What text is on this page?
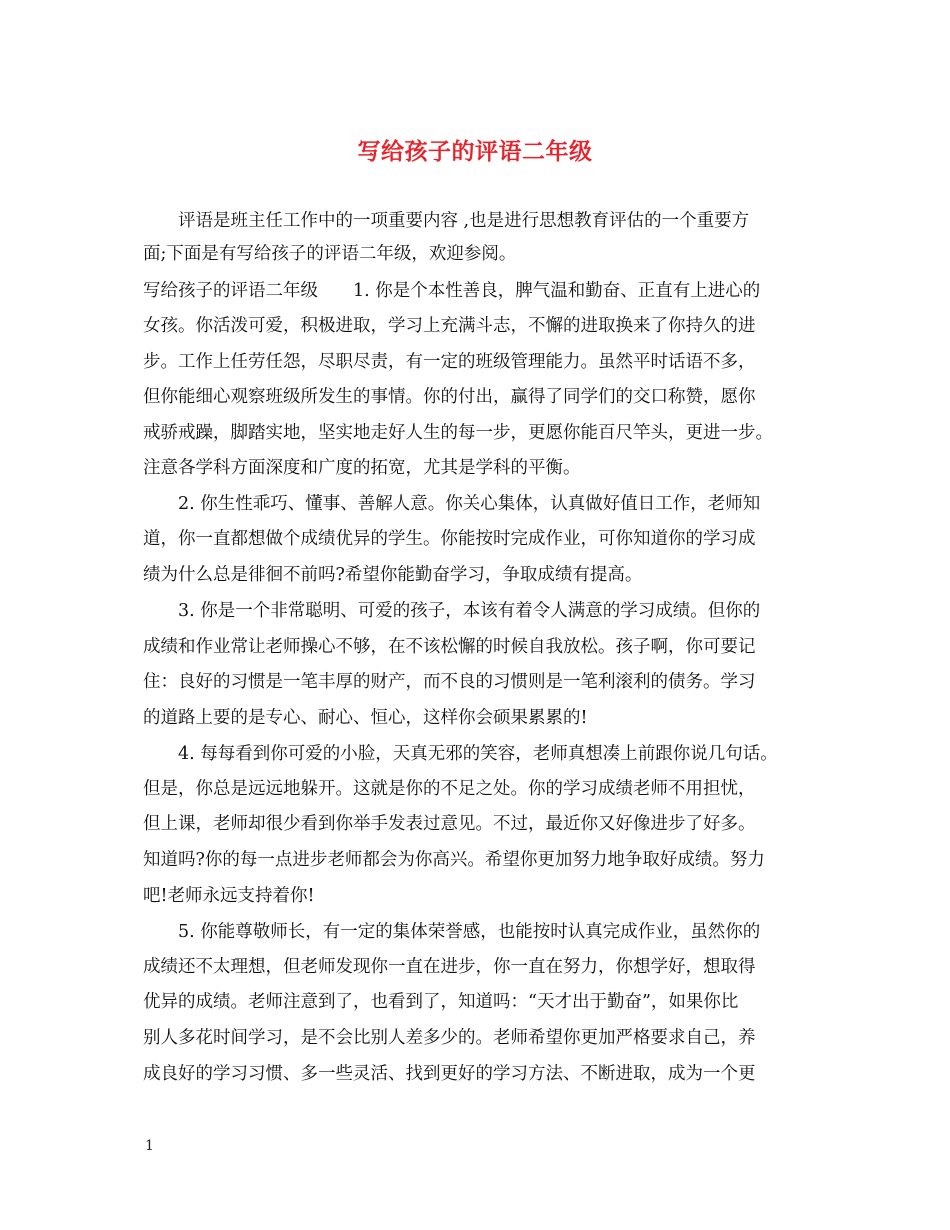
写给孩子的评语二年级
　　评语是班主任工作中的一项重要内容 ,也是进行思想教育评估的一个重要方
面;下面是有写给孩子的评语二年级，欢迎参阅。
写给孩子的评语二年级　　1. 你是个本性善良，脾气温和勤奋、正直有上进心的
女孩。你活泼可爱，积极进取，学习上充满斗志，不懈的进取换来了你持久的进
步。工作上任劳任怨，尽职尽责，有一定的班级管理能力。虽然平时话语不多，
但你能细心观察班级所发生的事情。你的付出，赢得了同学们的交口称赞，愿你
戒骄戒躁，脚踏实地，坚实地走好人生的每一步，更愿你能百尺竿头，更进一步。
注意各学科方面深度和广度的拓宽，尤其是学科的平衡。
　　2. 你生性乖巧、懂事、善解人意。你关心集体，认真做好值日工作，老师知
道，你一直都想做个成绩优异的学生。你能按时完成作业，可你知道你的学习成
绩为什么总是徘徊不前吗?希望你能勤奋学习，争取成绩有提高。
　　3. 你是一个非常聪明、可爱的孩子，本该有着令人满意的学习成绩。但你的
成绩和作业常让老师操心不够，在不该松懈的时候自我放松。孩子啊，你可要记
住：良好的习惯是一笔丰厚的财产，而不良的习惯则是一笔利滚利的债务。学习
的道路上要的是专心、耐心、恒心，这样你会硕果累累的!
　　4. 每每看到你可爱的小脸，天真无邪的笑容，老师真想凑上前跟你说几句话。
但是，你总是远远地躲开。这就是你的不足之处。你的学习成绩老师不用担忧，
但上课，老师却很少看到你举手发表过意见。不过，最近你又好像进步了好多。
知道吗?你的每一点进步老师都会为你高兴。希望你更加努力地争取好成绩。努力
吧!老师永远支持着你!
　　5. 你能尊敬师长，有一定的集体荣誉感，也能按时认真完成作业，虽然你的
成绩还不太理想，但老师发现你一直在进步，你一直在努力，你想学好，想取得
优异的成绩。老师注意到了，也看到了，知道吗：“天才出于勤奋”，如果你比
别人多花时间学习，是不会比别人差多少的。老师希望你更加严格要求自己，养
成良好的学习习惯、多一些灵活、找到更好的学习方法、不断进取，成为一个更
1
